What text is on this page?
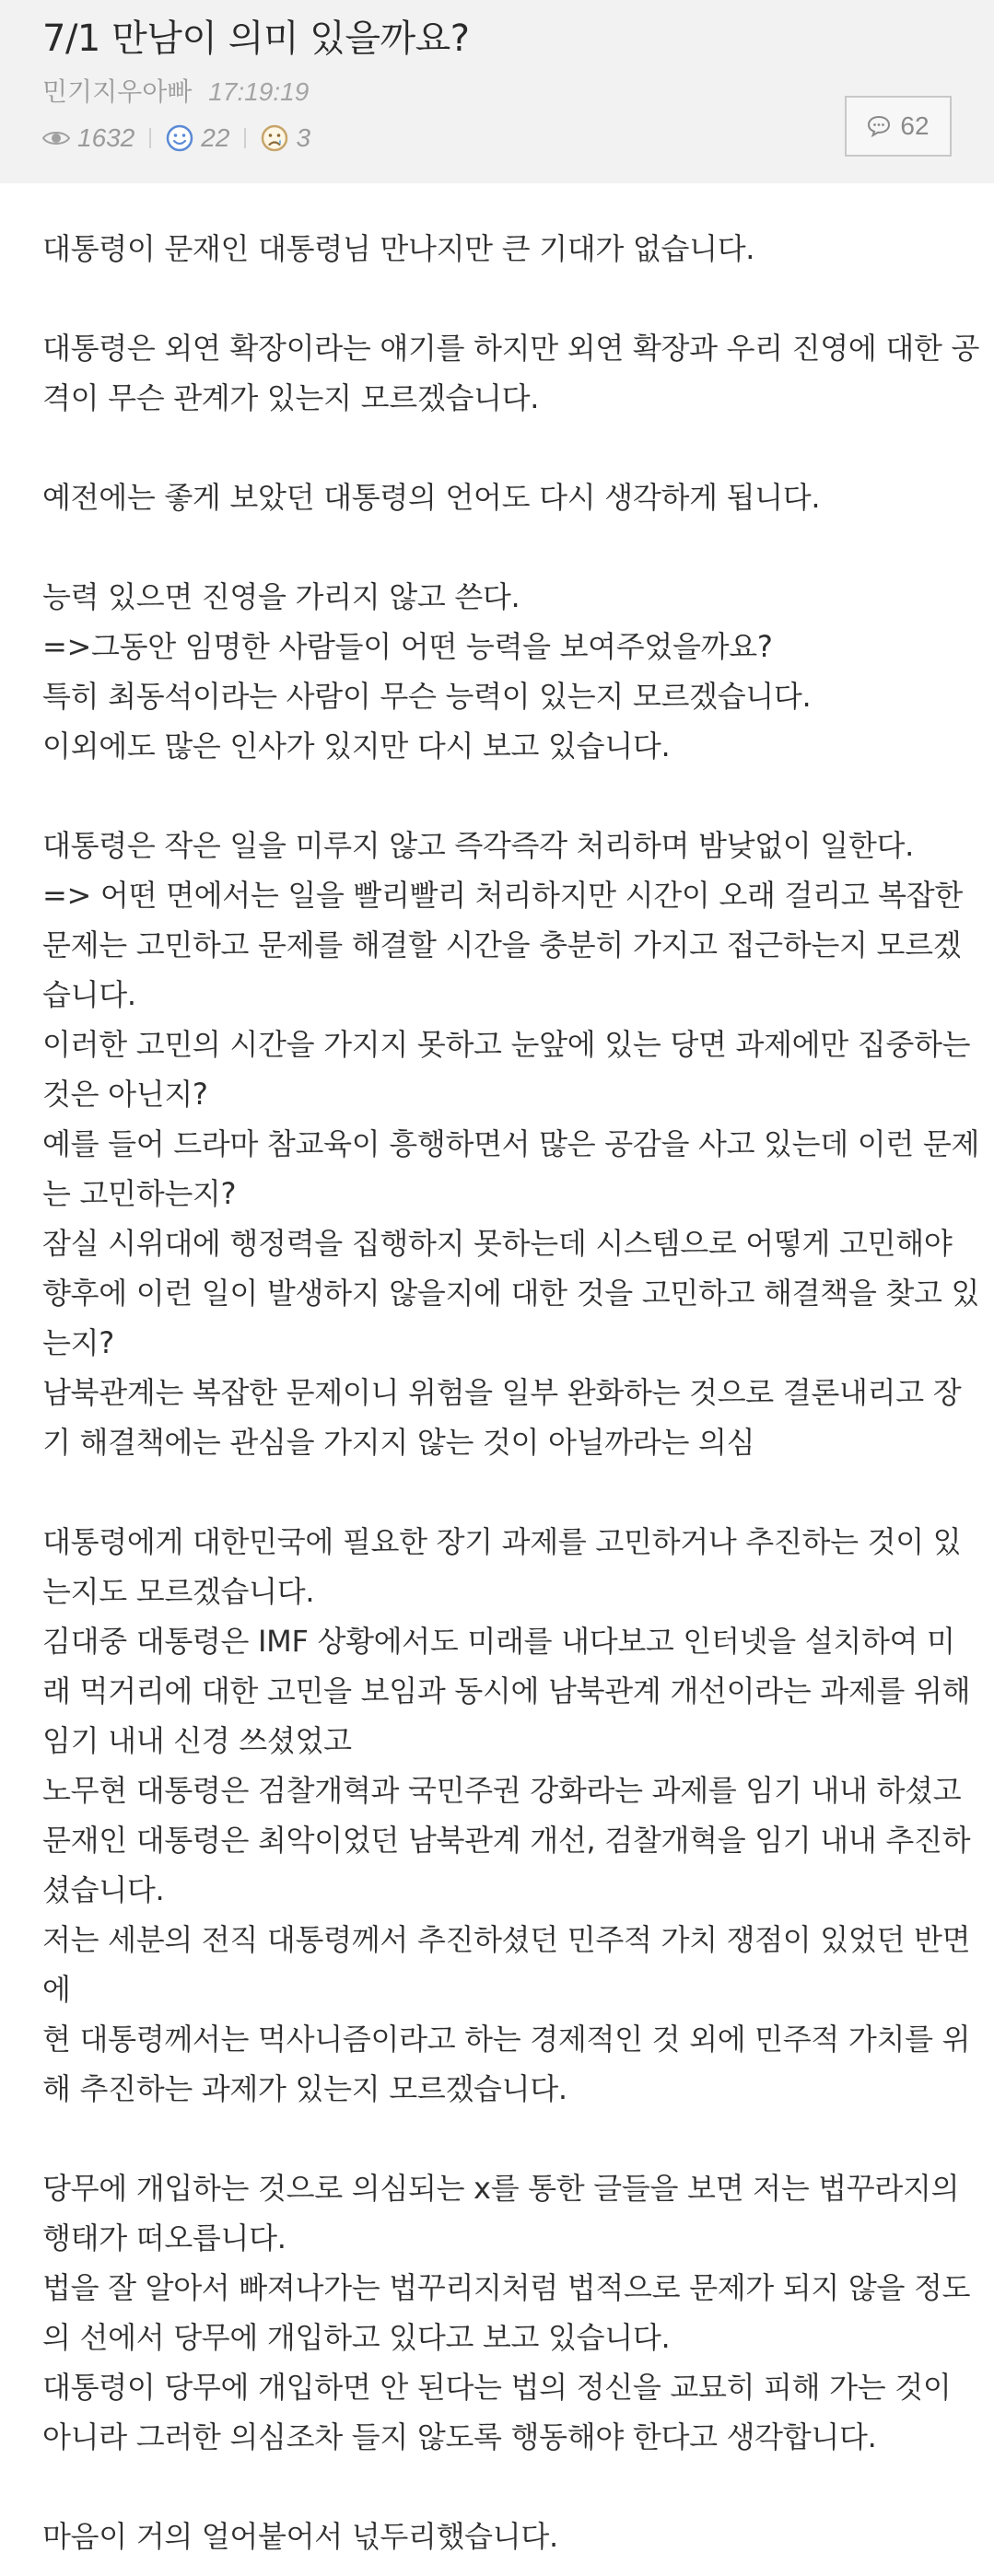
7/1 만남이 의미 있을까요?
민기지우아빠 17:19:19
1632	22	3	62

대통령이 문재인 대통령님 만나지만 큰 기대가 없습니다.

대통령은 외연 확장이라는 얘기를 하지만 외연 확장과 우리 진영에 대한 공
격이 무슨 관계가 있는지 모르겠습니다.

예전에는 좋게 보았던 대통령의 언어도 다시 생각하게 됩니다.

능력 있으면 진영을 가리지 않고 쓴다.
=>그동안 임명한 사람들이 어떤 능력을 보여주었을까요?
특히 최동석이라는 사람이 무슨 능력이 있는지 모르겠습니다.
이외에도 많은 인사가 있지만 다시 보고 있습니다.

대통령은 작은 일을 미루지 않고 즉각즉각 처리하며 밤낮없이 일한다.
=> 어떤 면에서는 일을 빨리빨리 처리하지만 시간이 오래 걸리고 복잡한
문제는 고민하고 문제를 해결할 시간을 충분히 가지고 접근하는지 모르겠
습니다.
이러한 고민의 시간을 가지지 못하고 눈앞에 있는 당면 과제에만 집중하는
것은 아닌지?
예를 들어 드라마 참교육이 흥행하면서 많은 공감을 사고 있는데 이런 문제
는 고민하는지?
잠실 시위대에 행정력을 집행하지 못하는데 시스템으로 어떻게 고민해야
향후에 이런 일이 발생하지 않을지에 대한 것을 고민하고 해결책을 찾고 있
는지?
남북관계는 복잡한 문제이니 위험을 일부 완화하는 것으로 결론내리고 장
기 해결책에는 관심을 가지지 않는 것이 아닐까라는 의심

대통령에게 대한민국에 필요한 장기 과제를 고민하거나 추진하는 것이 있
는지도 모르겠습니다.
김대중 대통령은 IMF 상황에서도 미래를 내다보고 인터넷을 설치하여 미
래 먹거리에 대한 고민을 보임과 동시에 남북관계 개선이라는 과제를 위해
임기 내내 신경 쓰셨었고
노무현 대통령은 검찰개혁과 국민주권 강화라는 과제를 임기 내내 하셨고
문재인 대통령은 최악이었던 남북관계 개선, 검찰개혁을 임기 내내 추진하
셨습니다.
저는 세분의 전직 대통령께서 추진하셨던 민주적 가치 쟁점이 있었던 반면
에
현 대통령께서는 먹사니즘이라고 하는 경제적인 것 외에 민주적 가치를 위
해 추진하는 과제가 있는지 모르겠습니다.

당무에 개입하는 것으로 의심되는 x를 통한 글들을 보면 저는 법꾸라지의
행태가 떠오릅니다.
법을 잘 알아서 빠져나가는 법꾸리지처럼 법적으로 문제가 되지 않을 정도
의 선에서 당무에 개입하고 있다고 보고 있습니다.
대통령이 당무에 개입하면 안 된다는 법의 정신을 교묘히 피해 가는 것이
아니라 그러한 의심조차 들지 않도록 행동해야 한다고 생각합니다.

마음이 거의 얼어붙어서 넋두리했습니다.
